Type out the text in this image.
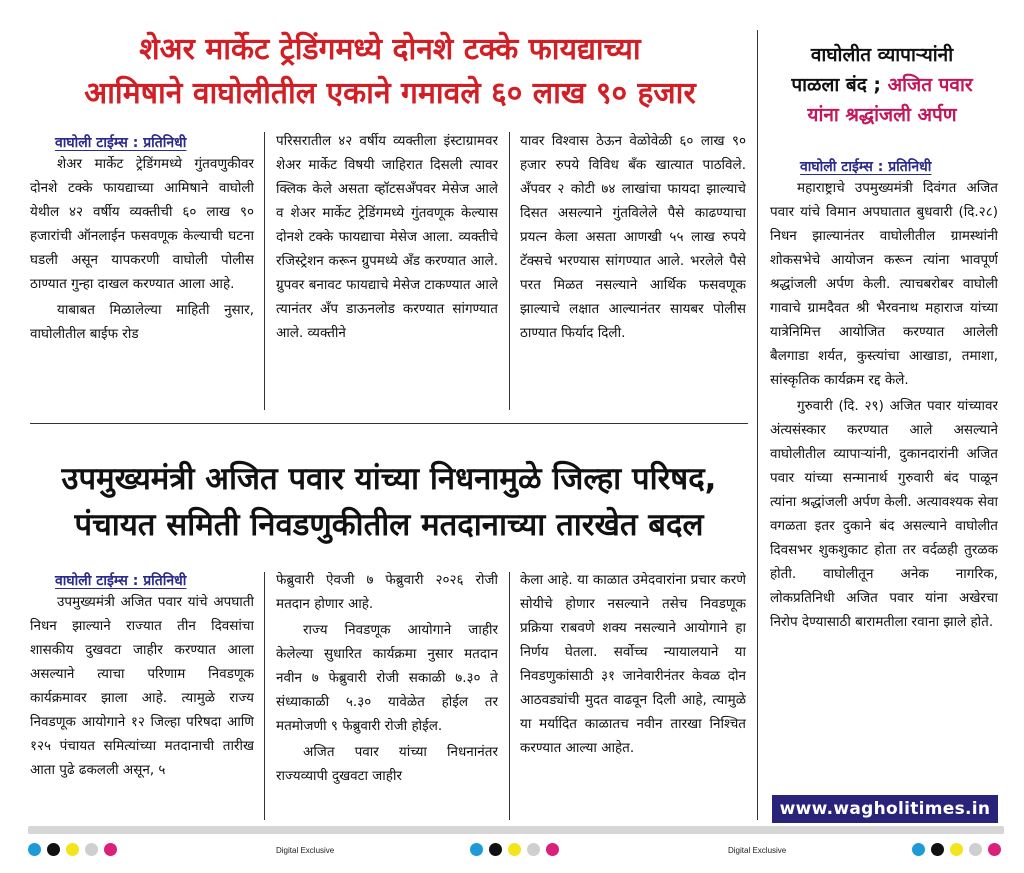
शेअर मार्केट ट्रेडिंगमध्ये दोनशे टक्के फायद्याच्या
आमिषाने वाघोलीतील एकाने गमावले ६० लाख ९० हजार
वाघोली टाईम्स : प्रतिनिधी

शेअर मार्केट ट्रेडिंगमध्ये गुंतवणुकीवर दोनशे टक्के फायद्याच्या आमिषाने वाघोली येथील ४२ वर्षीय व्यक्तीची ६० लाख ९० हजारांची ऑनलाईन फसवणूक केल्याची घटना घडली असून यापकरणी वाघोली पोलीस ठाण्यात गुन्हा दाखल करण्यात आला आहे.

याबाबत मिळालेल्या माहिती नुसार, वाघोलीतील बाईफ रोड

परिसरातील ४२ वर्षीय व्यक्तीला इंस्टाग्रामवर शेअर मार्केट विषयी जाहिरात दिसली त्यावर क्लिक केले असता व्हॉटसअँपवर मेसेज आले व शेअर मार्केट ट्रेडिंगमध्ये गुंतवणूक केल्यास दोनशे टक्के फायद्याचा मेसेज आला. व्यक्तीचे रजिस्ट्रेशन करून ग्रुपमध्ये अँड करण्यात आले. ग्रुपवर बनावट फायद्याचे मेसेज टाकण्यात आले त्यानंतर अँप डाऊनलोड करण्यात सांगण्यात आले. व्यक्तीने

यावर विश्वास ठेऊन वेळोवेळी ६० लाख ९० हजार रुपये विविध बँक खात्यात पाठविले. अँपवर २ कोटी ७४ लाखांचा फायदा झाल्याचे दिसत असल्याने गुंतविलेले पैसे काढण्याचा प्रयत्न केला असता आणखी ५५ लाख रुपये टॅक्सचे भरण्यास सांगण्यात आले. भरलेले पैसे परत मिळत नसल्याने आर्थिक फसवणूक झाल्याचे लक्षात आल्यानंतर सायबर पोलीस ठाण्यात फिर्याद दिली.

उपमुख्यमंत्री अजित पवार यांच्या निधनामुळे जिल्हा परिषद,
पंचायत समिती निवडणुकीतील मतदानाच्या तारखेत बदल
वाघोली टाईम्स : प्रतिनिधी

उपमुख्यमंत्री अजित पवार यांचे अपघाती निधन झाल्याने राज्यात तीन दिवसांचा शासकीय दुखवटा जाहीर करण्यात आला असल्याने त्याचा परिणाम निवडणूक कार्यक्रमावर झाला आहे. त्यामुळे राज्य निवडणूक आयोगाने १२ जिल्हा परिषदा आणि १२५ पंचायत समित्यांच्या मतदानाची तारीख आता पुढे ढकलली असून, ५

फेब्रुवारी ऐवजी ७ फेब्रुवारी २०२६ रोजी मतदान होणार आहे.

राज्य निवडणूक आयोगाने जाहीर केलेल्या सुधारित कार्यक्रमा नुसार मतदान नवीन ७ फेब्रुवारी रोजी सकाळी ७.३० ते संध्याकाळी ५.३० यावेळेत होईल तर मतमोजणी ९ फेब्रुवारी रोजी होईल.

अजित पवार यांच्या निधनानंतर राज्यव्यापी दुखवटा जाहीर

केला आहे. या काळात उमेदवारांना प्रचार करणे सोयीचे होणार नसल्याने तसेच निवडणूक प्रक्रिया राबवणे शक्य नसल्याने आयोगाने हा निर्णय घेतला. सर्वोच्च न्यायालयाने या निवडणुकांसाठी ३१ जानेवारीनंतर केवळ दोन आठवड्यांची मुदत वाढवून दिली आहे, त्यामुळे या मर्यादित काळातच नवीन तारखा निश्चित करण्यात आल्या आहेत.

वाघोलीत व्यापाऱ्यांनी
पाळला बंद ; अजित पवार
यांना श्रद्धांजली अर्पण
वाघोली टाईम्स : प्रतिनिधी

महाराष्ट्राचे उपमुख्यमंत्री दिवंगत अजित पवार यांचे विमान अपघातात बुधवारी (दि.२८) निधन झाल्यानंतर वाघोलीतील ग्रामस्थांनी शोकसभेचे आयोजन करून त्यांना भावपूर्ण श्रद्धांजली अर्पण केली. त्याचबरोबर वाघोली गावाचे ग्रामदैवत श्री भैरवनाथ महाराज यांच्या यात्रेनिमित्त आयोजित करण्यात आलेली बैलगाडा शर्यत, कुस्त्यांचा आखाडा, तमाशा, सांस्कृतिक कार्यक्रम रद्द केले.

गुरुवारी (दि. २९) अजित पवार यांच्यावर अंत्यसंस्कार करण्यात आले असल्याने वाघोलीतील व्यापाऱ्यांनी, दुकानदारांनी अजित पवार यांच्या सन्मानार्थ गुरुवारी बंद पाळून त्यांना श्रद्धांजली अर्पण केली. अत्यावश्यक सेवा वगळता इतर दुकाने बंद असल्याने वाघोलीत दिवसभर शुकशुकाट होता तर वर्दळही तुरळक होती. वाघोलीतून अनेक नागरिक, लोकप्रतिनिधी अजित पवार यांना अखेरचा निरोप देण्यासाठी बारामतीला रवाना झाले होते.

www.wagholitimes.in
Digital Exclusive	Digital Exclusive
